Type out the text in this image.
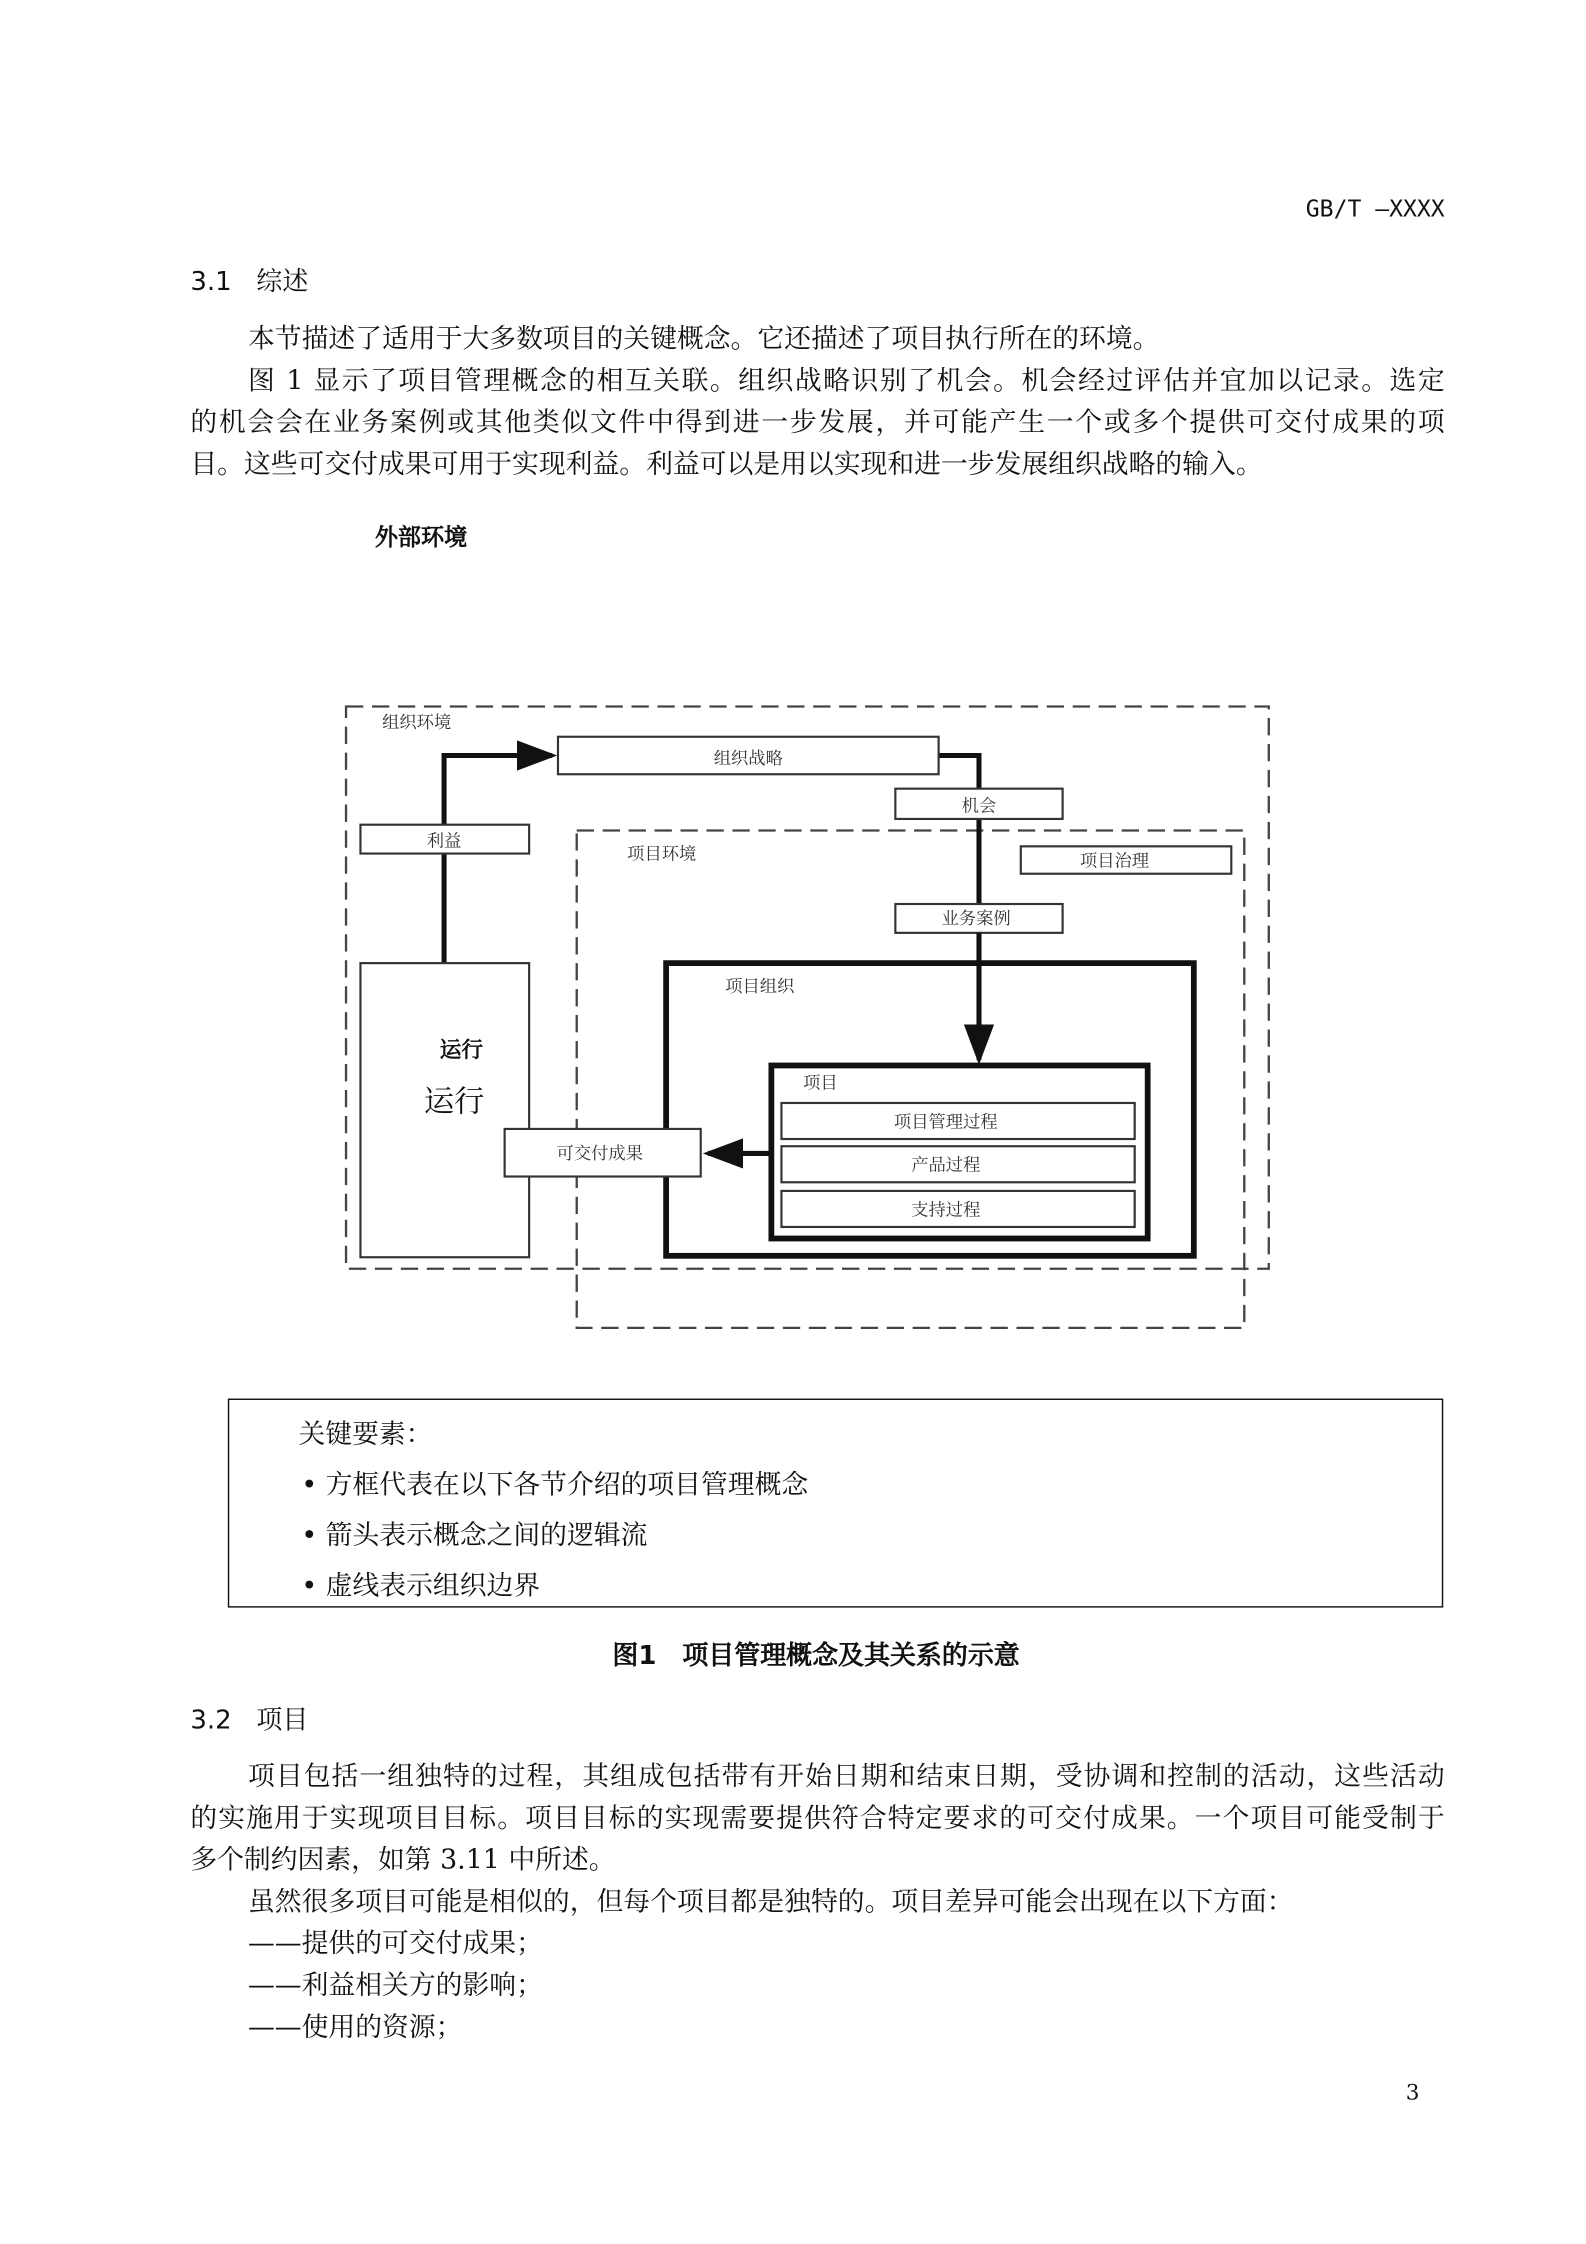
GB/T —XXXX
3.1 综述
本节描述了适用于大多数项目的关键概念。它还描述了项目执行所在的环境。
图 1 显示了项目管理概念的相互关联。组织战略识别了机会。机会经过评估并宜加以记录。选定
的机会会在业务案例或其他类似文件中得到进一步发展，并可能产生一个或多个提供可交付成果的项
目。这些可交付成果可用于实现利益。利益可以是用以实现和进一步发展组织战略的输入。
外部环境
组织环境
组织战略
机会
利益
项目环境	项目治理
业务案例
项目组织
项目
项目管理过程
产品过程
支持过程
可交付成果
运行
运行
关键要素：
• 方框代表在以下各节介绍的项目管理概念
• 箭头表示概念之间的逻辑流
• 虚线表示组织边界
图1　项目管理概念及其关系的示意
3.2 项目
项目包括一组独特的过程，其组成包括带有开始日期和结束日期，受协调和控制的活动，这些活动
的实施用于实现项目目标。项目目标的实现需要提供符合特定要求的可交付成果。一个项目可能受制于
多个制约因素，如第 3.11 中所述。
虽然很多项目可能是相似的，但每个项目都是独特的。项目差异可能会出现在以下方面：
——提供的可交付成果；
——利益相关方的影响；
——使用的资源；
3
